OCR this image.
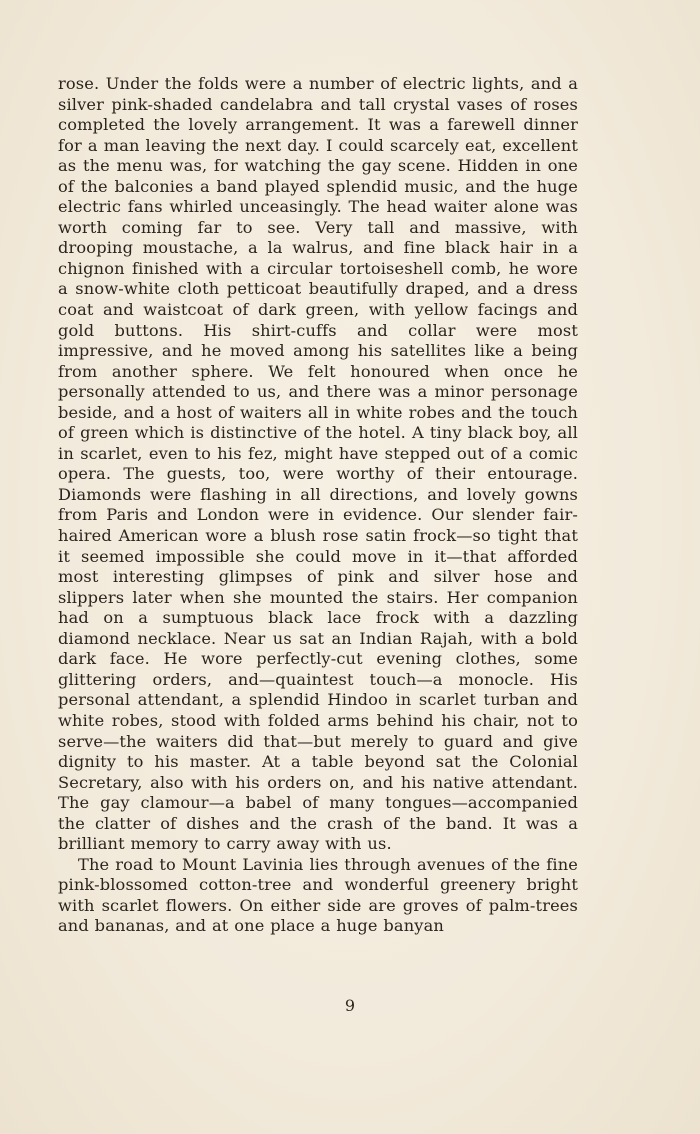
rose. Under the folds were a number of electric lights, and a silver pink-shaded candelabra and tall crystal vases of roses completed the lovely arrangement. It was a farewell dinner for a man leaving the next day. I could scarcely eat, excellent as the menu was, for watching the gay scene. Hidden in one of the balconies a band played splendid music, and the huge electric fans whirled unceasingly. The head waiter alone was worth coming far to see. Very tall and massive, with drooping moustache, a la walrus, and fine black hair in a chignon finished with a circular tortoiseshell comb, he wore a snow-white cloth petticoat beautifully draped, and a dress coat and waistcoat of dark green, with yellow facings and gold buttons. His shirt-cuffs and collar were most impressive, and he moved among his satellites like a being from another sphere. We felt honoured when once he personally attended to us, and there was a minor personage beside, and a host of waiters all in white robes and the touch of green which is distinctive of the hotel. A tiny black boy, all in scarlet, even to his fez, might have stepped out of a comic opera. The guests, too, were worthy of their entourage. Diamonds were flashing in all directions, and lovely gowns from Paris and London were in evidence. Our slender fair-haired American wore a blush rose satin frock—so tight that it seemed impossible she could move in it—that afforded most interesting glimpses of pink and silver hose and slippers later when she mounted the stairs. Her companion had on a sumptuous black lace frock with a dazzling diamond necklace. Near us sat an Indian Rajah, with a bold dark face. He wore perfectly-cut evening clothes, some glittering orders, and—quaintest touch—a monocle. His personal attendant, a splendid Hindoo in scarlet turban and white robes, stood with folded arms behind his chair, not to serve—the waiters did that—but merely to guard and give dignity to his master. At a table beyond sat the Colonial Secretary, also with his orders on, and his native attendant. The gay clamour—a babel of many tongues—accompanied the clatter of dishes and the crash of the band. It was a brilliant memory to carry away with us.

The road to Mount Lavinia lies through avenues of the fine pink-blossomed cotton-tree and wonderful greenery bright with scarlet flowers. On either side are groves of palm-trees and bananas, and at one place a huge banyan

9
